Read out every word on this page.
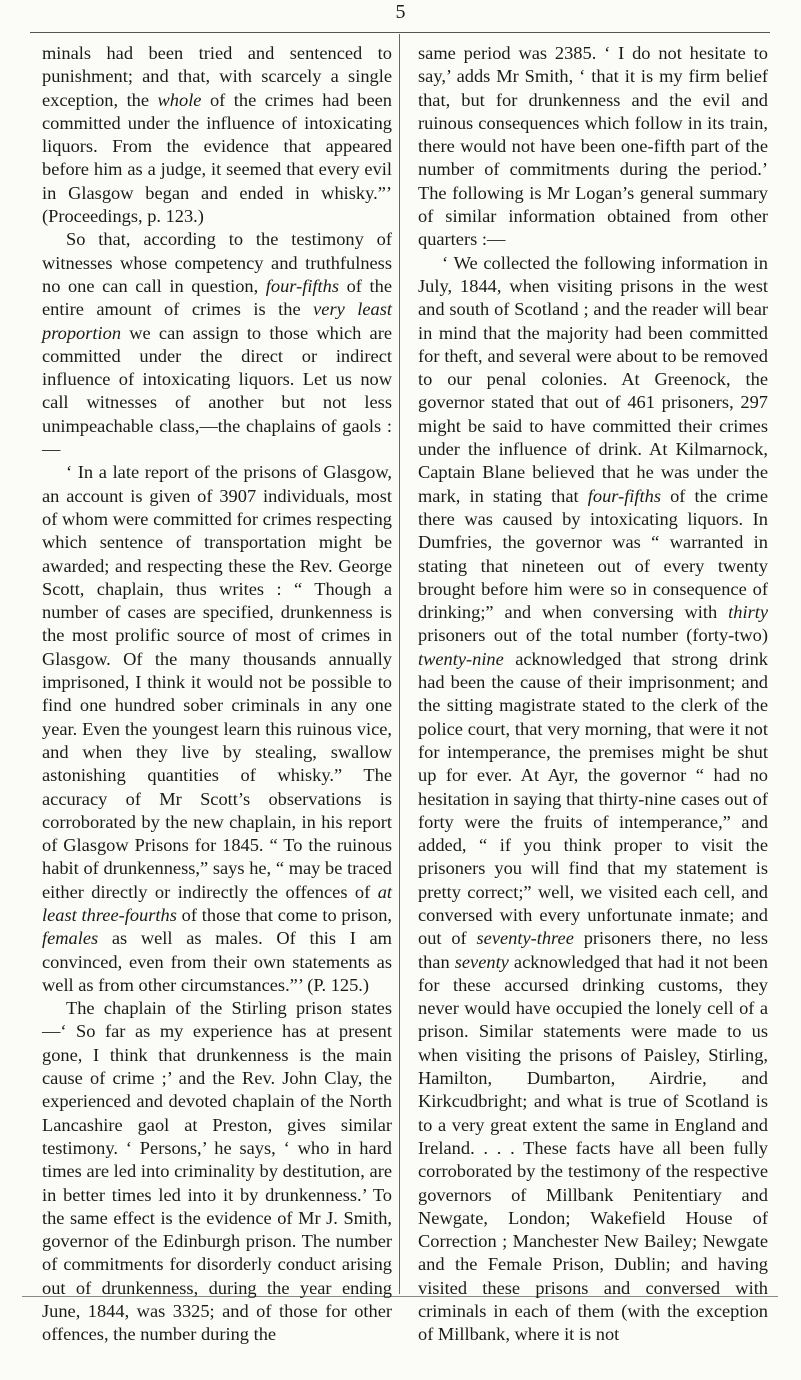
5

minals had been tried and sentenced to punishment; and that, with scarcely a single exception, the whole of the crimes had been committed under the influence of intoxicating liquors. From the evidence that appeared before him as a judge, it seemed that every evil in Glasgow began and ended in whisky.”’ (Proceedings, p. 123.)

So that, according to the testimony of witnesses whose competency and truthfulness no one can call in question, four-fifths of the entire amount of crimes is the very least proportion we can assign to those which are committed under the direct or indirect influence of intoxicating liquors. Let us now call witnesses of another but not less unimpeachable class,—the chaplains of gaols :—

‘ In a late report of the prisons of Glasgow, an account is given of 3907 individuals, most of whom were committed for crimes respecting which sentence of transportation might be awarded; and respecting these the Rev. George Scott, chaplain, thus writes : “ Though a number of cases are specified, drunkenness is the most prolific source of most of crimes in Glasgow. Of the many thousands annually imprisoned, I think it would not be possible to find one hundred sober criminals in any one year. Even the youngest learn this ruinous vice, and when they live by stealing, swallow astonishing quantities of whisky.” The accuracy of Mr Scott’s observations is corroborated by the new chaplain, in his report of Glasgow Prisons for 1845. “ To the ruinous habit of drunkenness,” says he, “ may be traced either directly or indirectly the offences of at least three-fourths of those that come to prison, females as well as males. Of this I am convinced, even from their own statements as well as from other circumstances.”’ (P. 125.)

The chaplain of the Stirling prison states —‘ So far as my experience has at present gone, I think that drunkenness is the main cause of crime ;’ and the Rev. John Clay, the experienced and devoted chaplain of the North Lancashire gaol at Preston, gives similar testimony. ‘ Persons,’ he says, ‘ who in hard times are led into criminality by destitution, are in better times led into it by drunkenness.’ To the same effect is the evidence of Mr J. Smith, governor of the Edinburgh prison. The number of commitments for disorderly conduct arising out of drunkenness, during the year ending June, 1844, was 3325; and of those for other offences, the number during the

same period was 2385. ‘ I do not hesitate to say,’ adds Mr Smith, ‘ that it is my firm belief that, but for drunkenness and the evil and ruinous consequences which follow in its train, there would not have been one-fifth part of the number of commitments during the period.’ The following is Mr Logan’s general summary of similar information obtained from other quarters :—

‘ We collected the following information in July, 1844, when visiting prisons in the west and south of Scotland ; and the reader will bear in mind that the majority had been committed for theft, and several were about to be removed to our penal colonies. At Greenock, the governor stated that out of 461 prisoners, 297 might be said to have committed their crimes under the influence of drink. At Kilmarnock, Captain Blane believed that he was under the mark, in stating that four-fifths of the crime there was caused by intoxicating liquors. In Dumfries, the governor was “ warranted in stating that nineteen out of every twenty brought before him were so in consequence of drinking;” and when conversing with thirty prisoners out of the total number (forty-two) twenty-nine acknowledged that strong drink had been the cause of their imprisonment; and the sitting magistrate stated to the clerk of the police court, that very morning, that were it not for intemperance, the premises might be shut up for ever. At Ayr, the governor “ had no hesitation in saying that thirty-nine cases out of forty were the fruits of intemperance,” and added, “ if you think proper to visit the prisoners you will find that my statement is pretty correct;” well, we visited each cell, and conversed with every unfortunate inmate; and out of seventy-three prisoners there, no less than seventy acknowledged that had it not been for these accursed drinking customs, they never would have occupied the lonely cell of a prison. Similar statements were made to us when visiting the prisons of Paisley, Stirling, Hamilton, Dumbarton, Airdrie, and Kirkcudbright; and what is true of Scotland is to a very great extent the same in England and Ireland. . . . These facts have all been fully corroborated by the testimony of the respective governors of Millbank Penitentiary and Newgate, London; Wakefield House of Correction ; Manchester New Bailey; Newgate and the Female Prison, Dublin; and having visited these prisons and conversed with criminals in each of them (with the exception of Millbank, where it is not
